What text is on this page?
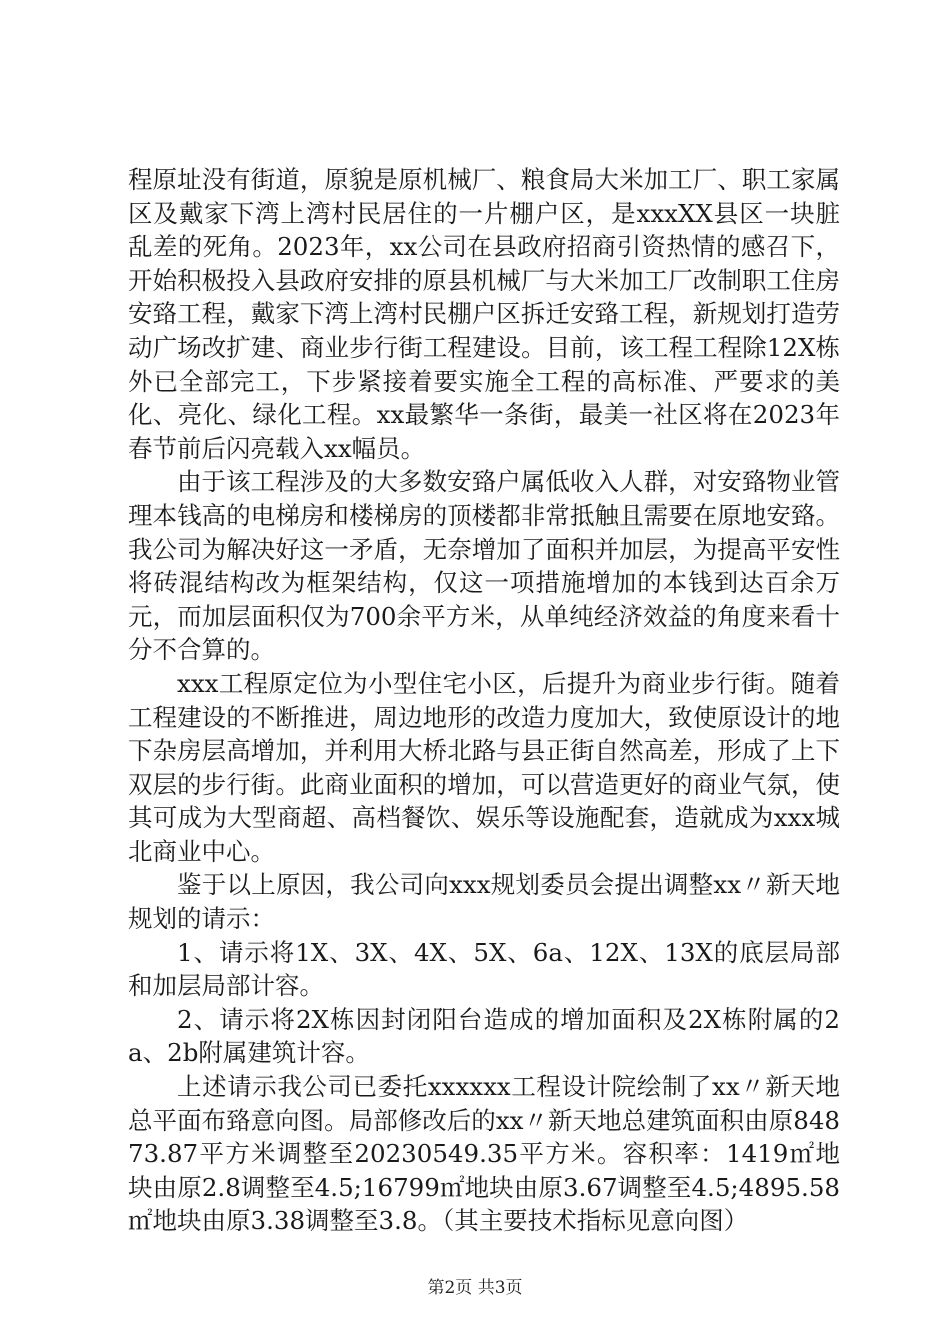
程原址没有街道，原貌是原机械厂、粮食局大米加工厂、职工家属区及戴家下湾上湾村民居住的一片棚户区，是xxxXX县区一块脏乱差的死角。2023年，xx公司在县政府招商引资热情的感召下，开始积极投入县政府安排的原县机械厂与大米加工厂改制职工住房安臵工程，戴家下湾上湾村民棚户区拆迁安臵工程，新规划打造劳动广场改扩建、商业步行街工程建设。目前，该工程工程除12X栋外已全部完工，下步紧接着要实施全工程的高标准、严要求的美化、亮化、绿化工程。xx最繁华一条街，最美一社区将在2023年春节前后闪亮载入xx幅员。

由于该工程涉及的大多数安臵户属低收入人群，对安臵物业管理本钱高的电梯房和楼梯房的顶楼都非常抵触且需要在原地安臵。我公司为解决好这一矛盾，无奈增加了面积并加层，为提高平安性将砖混结构改为框架结构，仅这一项措施增加的本钱到达百余万元，而加层面积仅为700余平方米，从单纯经济效益的角度来看十分不合算的。

xxx工程原定位为小型住宅小区，后提升为商业步行街。随着工程建设的不断推进，周边地形的改造力度加大，致使原设计的地下杂房层高增加，并利用大桥北路与县正街自然高差，形成了上下双层的步行街。此商业面积的增加，可以营造更好的商业气氛，使其可成为大型商超、高档餐饮、娱乐等设施配套，造就成为xxx城北商业中心。

鉴于以上原因，我公司向xxx规划委员会提出调整xx〃新天地规划的请示：

1、请示将1X、3X、4X、5X、6a、12X、13X的底层局部和加层局部计容。

2、请示将2X栋因封闭阳台造成的增加面积及2X栋附属的2a、2b附属建筑计容。

上述请示我公司已委托xxxxxx工程设计院绘制了xx〃新天地总平面布臵意向图。局部修改后的xx〃新天地总建筑面积由原84873.87平方米调整至20230549.35平方米。容积率：1419㎡地块由原2.8调整至4.5;16799㎡地块由原3.67调整至4.5;4895.58㎡地块由原3.38调整至3.8。（其主要技术指标见意向图）

第2页 共3页
